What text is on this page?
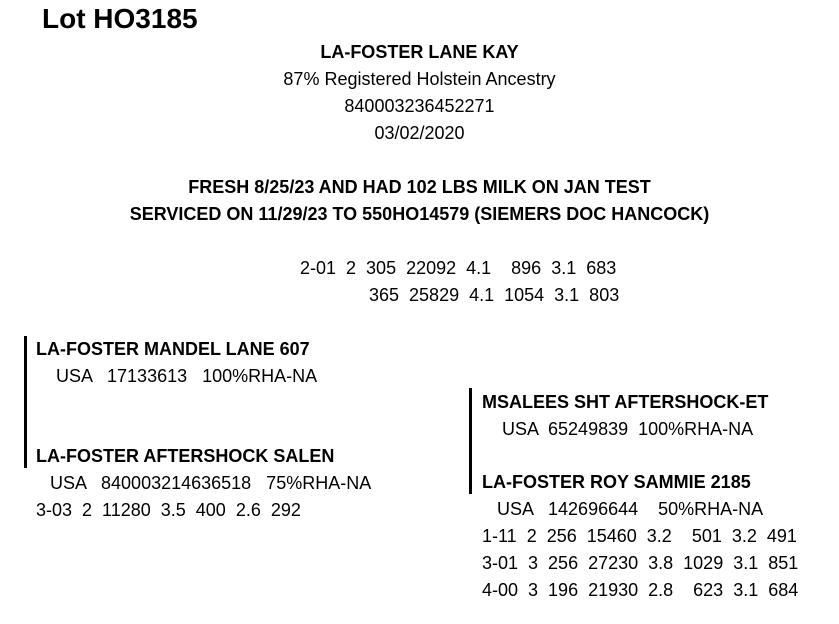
Lot HO3185
LA-FOSTER LANE KAY
87% Registered Holstein Ancestry
840003236452271
03/02/2020
FRESH 8/25/23 AND HAD 102 LBS MILK ON JAN TEST
SERVICED ON 11/29/23 TO 550HO14579 (SIEMERS DOC HANCOCK)
2-01  2  305  22092  4.1    896  3.1  683
365  25829  4.1  1054  3.1  803
LA-FOSTER MANDEL LANE 607
USA   17133613   100%RHA-NA
LA-FOSTER AFTERSHOCK SALEN
USA   840003214636518   75%RHA-NA
3-03  2  11280  3.5  400  2.6  292
MSALEES SHT AFTERSHOCK-ET
USA  65249839  100%RHA-NA
LA-FOSTER ROY SAMMIE 2185
USA   142696644    50%RHA-NA
1-11  2  256  15460  3.2    501  3.2  491
3-01  3  256  27230  3.8  1029  3.1  851
4-00  3  196  21930  2.8    623  3.1  684
